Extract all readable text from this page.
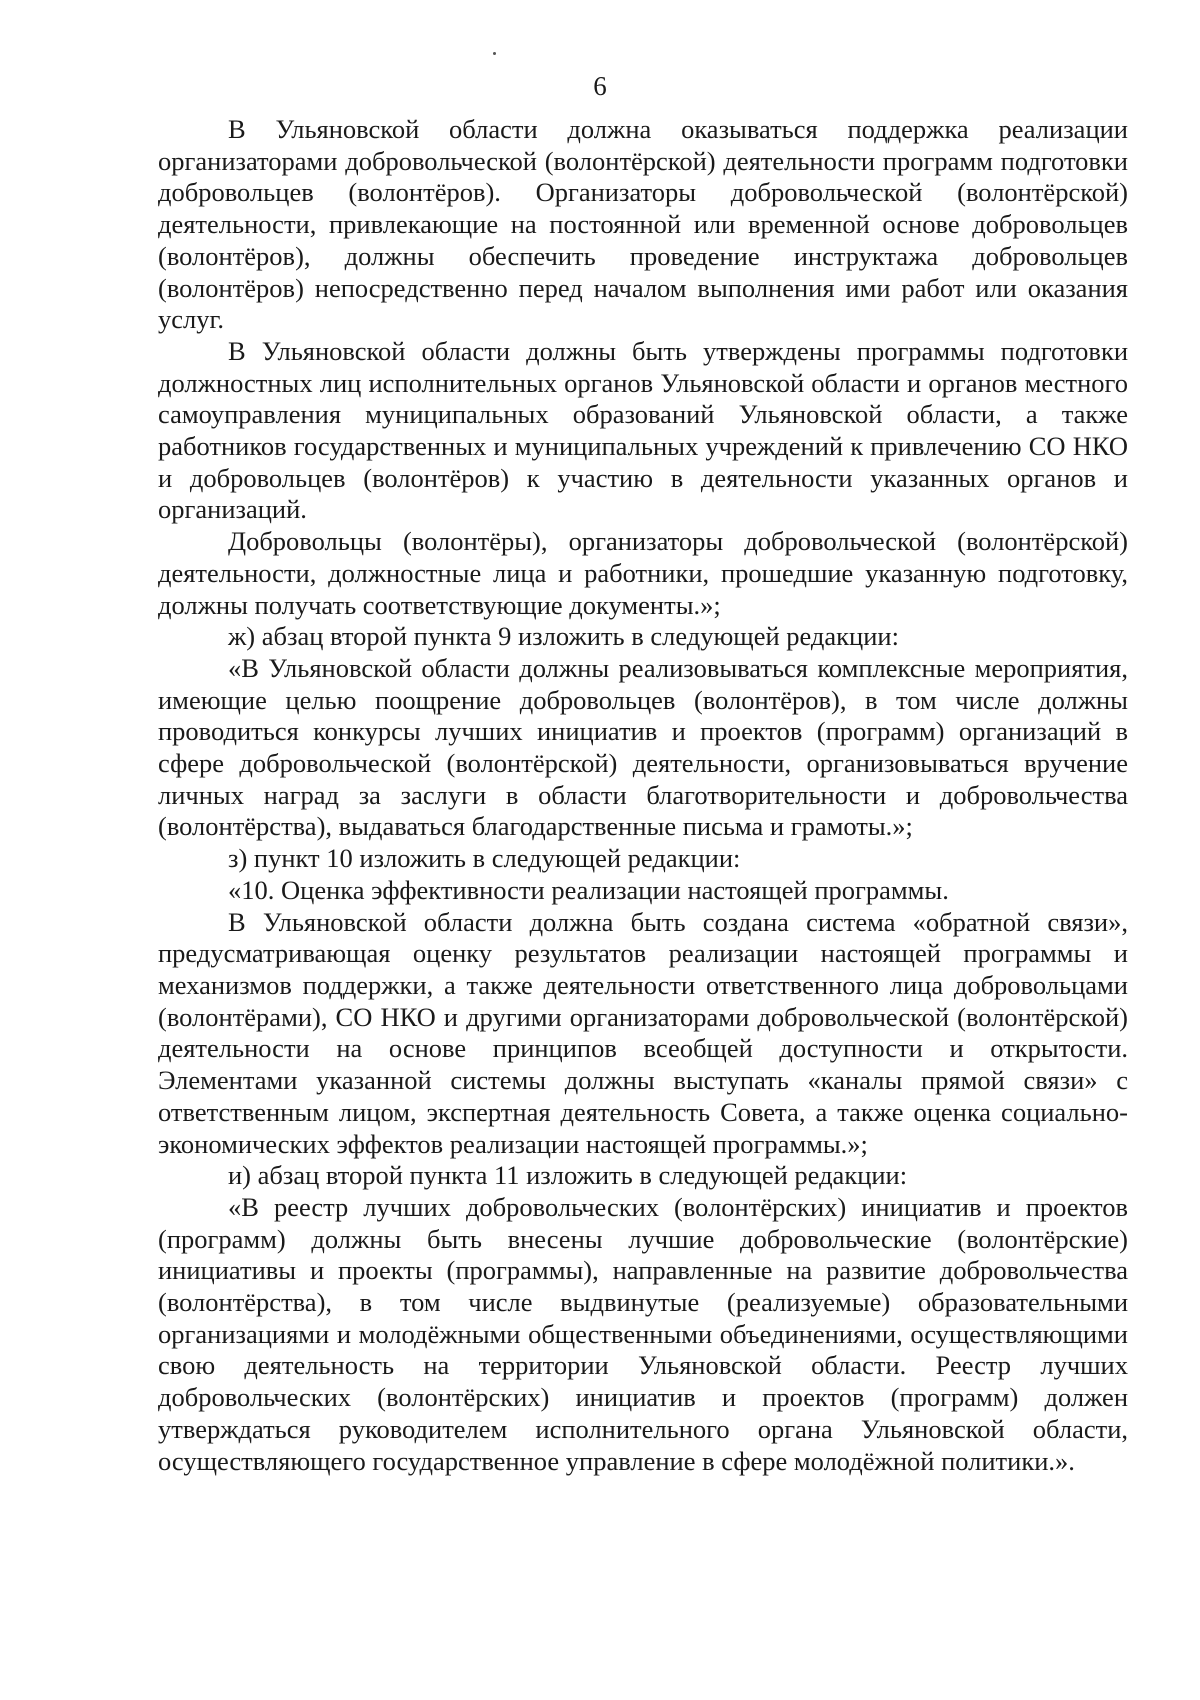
6

В Ульяновской области должна оказываться поддержка реализации организаторами добровольческой (волонтёрской) деятельности программ подготовки добровольцев (волонтёров). Организаторы добровольческой (волонтёрской) деятельности, привлекающие на постоянной или временной основе добровольцев (волонтёров), должны обеспечить проведение инструктажа добровольцев (волонтёров) непосредственно перед началом выполнения ими работ или оказания услуг.

В Ульяновской области должны быть утверждены программы подготовки должностных лиц исполнительных органов Ульяновской области и органов местного самоуправления муниципальных образований Ульяновской области, а также работников государственных и муниципальных учреждений к привлечению СО НКО и добровольцев (волонтёров) к участию в деятельности указанных органов и организаций.

Добровольцы (волонтёры), организаторы добровольческой (волонтёрской) деятельности, должностные лица и работники, прошедшие указанную подготовку, должны получать соответствующие документы.»;

ж) абзац второй пункта 9 изложить в следующей редакции:

«В Ульяновской области должны реализовываться комплексные мероприятия, имеющие целью поощрение добровольцев (волонтёров), в том числе должны проводиться конкурсы лучших инициатив и проектов (программ) организаций в сфере добровольческой (волонтёрской) деятельности, организовываться вручение личных наград за заслуги в области благотворительности и добровольчества (волонтёрства), выдаваться благодарственные письма и грамоты.»;

з) пункт 10 изложить в следующей редакции:

«10. Оценка эффективности реализации настоящей программы.

В Ульяновской области должна быть создана система «обратной связи», предусматривающая оценку результатов реализации настоящей программы и механизмов поддержки, а также деятельности ответственного лица добровольцами (волонтёрами), СО НКО и другими организаторами добровольческой (волонтёрской) деятельности на основе принципов всеобщей доступности и открытости. Элементами указанной системы должны выступать «каналы прямой связи» с ответственным лицом, экспертная деятельность Совета, а также оценка социально-экономических эффектов реализации настоящей программы.»;

и) абзац второй пункта 11 изложить в следующей редакции:

«В реестр лучших добровольческих (волонтёрских) инициатив и проектов (программ) должны быть внесены лучшие добровольческие (волонтёрские) инициативы и проекты (программы), направленные на развитие добровольчества (волонтёрства), в том числе выдвинутые (реализуемые) образовательными организациями и молодёжными общественными объединениями, осуществляющими свою деятельность на территории Ульяновской области. Реестр лучших добровольческих (волонтёрских) инициатив и проектов (программ) должен утверждаться руководителем исполнительного органа Ульяновской области, осуществляющего государственное управление в сфере молодёжной политики.».
